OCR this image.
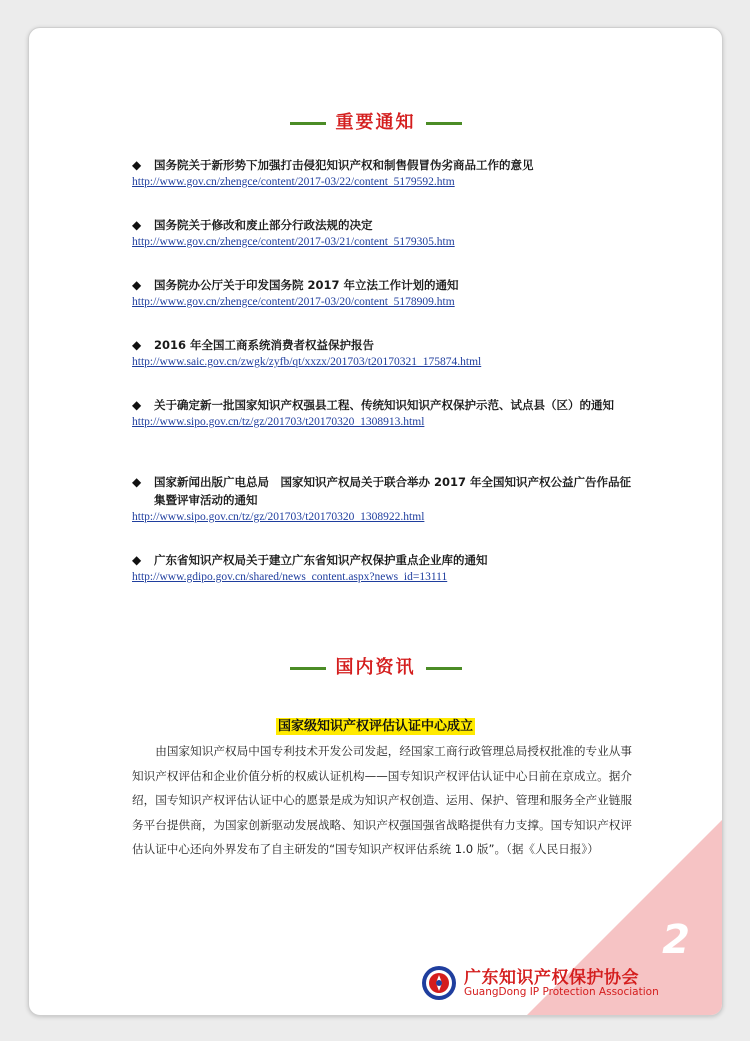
重要通知
◆ 国务院关于新形势下加强打击侵犯知识产权和制售假冒伪劣商品工作的意见
http://www.gov.cn/zhengce/content/2017-03/22/content_5179592.htm
◆ 国务院关于修改和废止部分行政法规的决定
http://www.gov.cn/zhengce/content/2017-03/21/content_5179305.htm
◆ 国务院办公厅关于印发国务院 2017 年立法工作计划的通知
http://www.gov.cn/zhengce/content/2017-03/20/content_5178909.htm
◆ 2016 年全国工商系统消费者权益保护报告
http://www.saic.gov.cn/zwgk/zyfb/qt/xxzx/201703/t20170321_175874.html
◆ 关于确定新一批国家知识产权强县工程、传统知识知识产权保护示范、试点县（区）的通知
http://www.sipo.gov.cn/tz/gz/201703/t20170320_1308913.html
◆ 国家新闻出版广电总局　国家知识产权局关于联合举办 2017 年全国知识产权公益广告作品征集暨评审活动的通知
http://www.sipo.gov.cn/tz/gz/201703/t20170320_1308922.html
◆ 广东省知识产权局关于建立广东省知识产权保护重点企业库的通知
http://www.gdipo.gov.cn/shared/news_content.aspx?news_id=13111
国内资讯
国家级知识产权评估认证中心成立
由国家知识产权局中国专利技术开发公司发起，经国家工商行政管理总局授权批准的专业从事知识产权评估和企业价值分析的权威认证机构——国专知识产权评估认证中心日前在京成立。据介绍，国专知识产权评估认证中心的愿景是成为知识产权创造、运用、保护、管理和服务全产业链服务平台提供商，为国家创新驱动发展战略、知识产权强国强省战略提供有力支撑。国专知识产权评估认证中心还向外界发布了自主研发的“国专知识产权评估系统 1.0 版”。（据《人民日报》）
2
广东知识产权保护协会
GuangDong IP Protection Association
